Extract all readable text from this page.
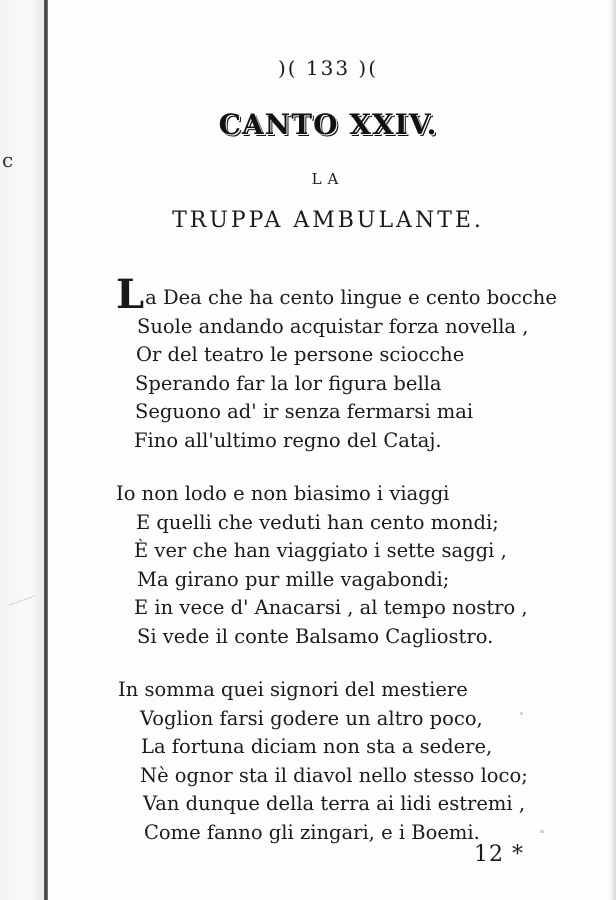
c
)( 133 )(
CANTO XXIV.
LA
TRUPPA AMBULANTE.
La Dea che ha cento lingue e cento bocche
Suole andando acquistar forza novella ,
Or del teatro le persone sciocche
Sperando far la lor figura bella
Seguono ad' ir senza fermarsi mai
Fino all'ultimo regno del Cataj.
Io non lodo e non biasimo i viaggi
E quelli che veduti han cento mondi;
È ver che han viaggiato i sette saggi ,
Ma girano pur mille vagabondi;
E in vece d' Anacarsi , al tempo nostro ,
Si vede il conte Balsamo Cagliostro.
In somma quei signori del mestiere
Voglion farsi godere un altro poco,
La fortuna diciam non sta a sedere,
Nè ognor sta il diavol nello stesso loco;
Van dunque della terra ai lidi estremi ,
Come fanno gli zingari, e i Boemi.
12 *
